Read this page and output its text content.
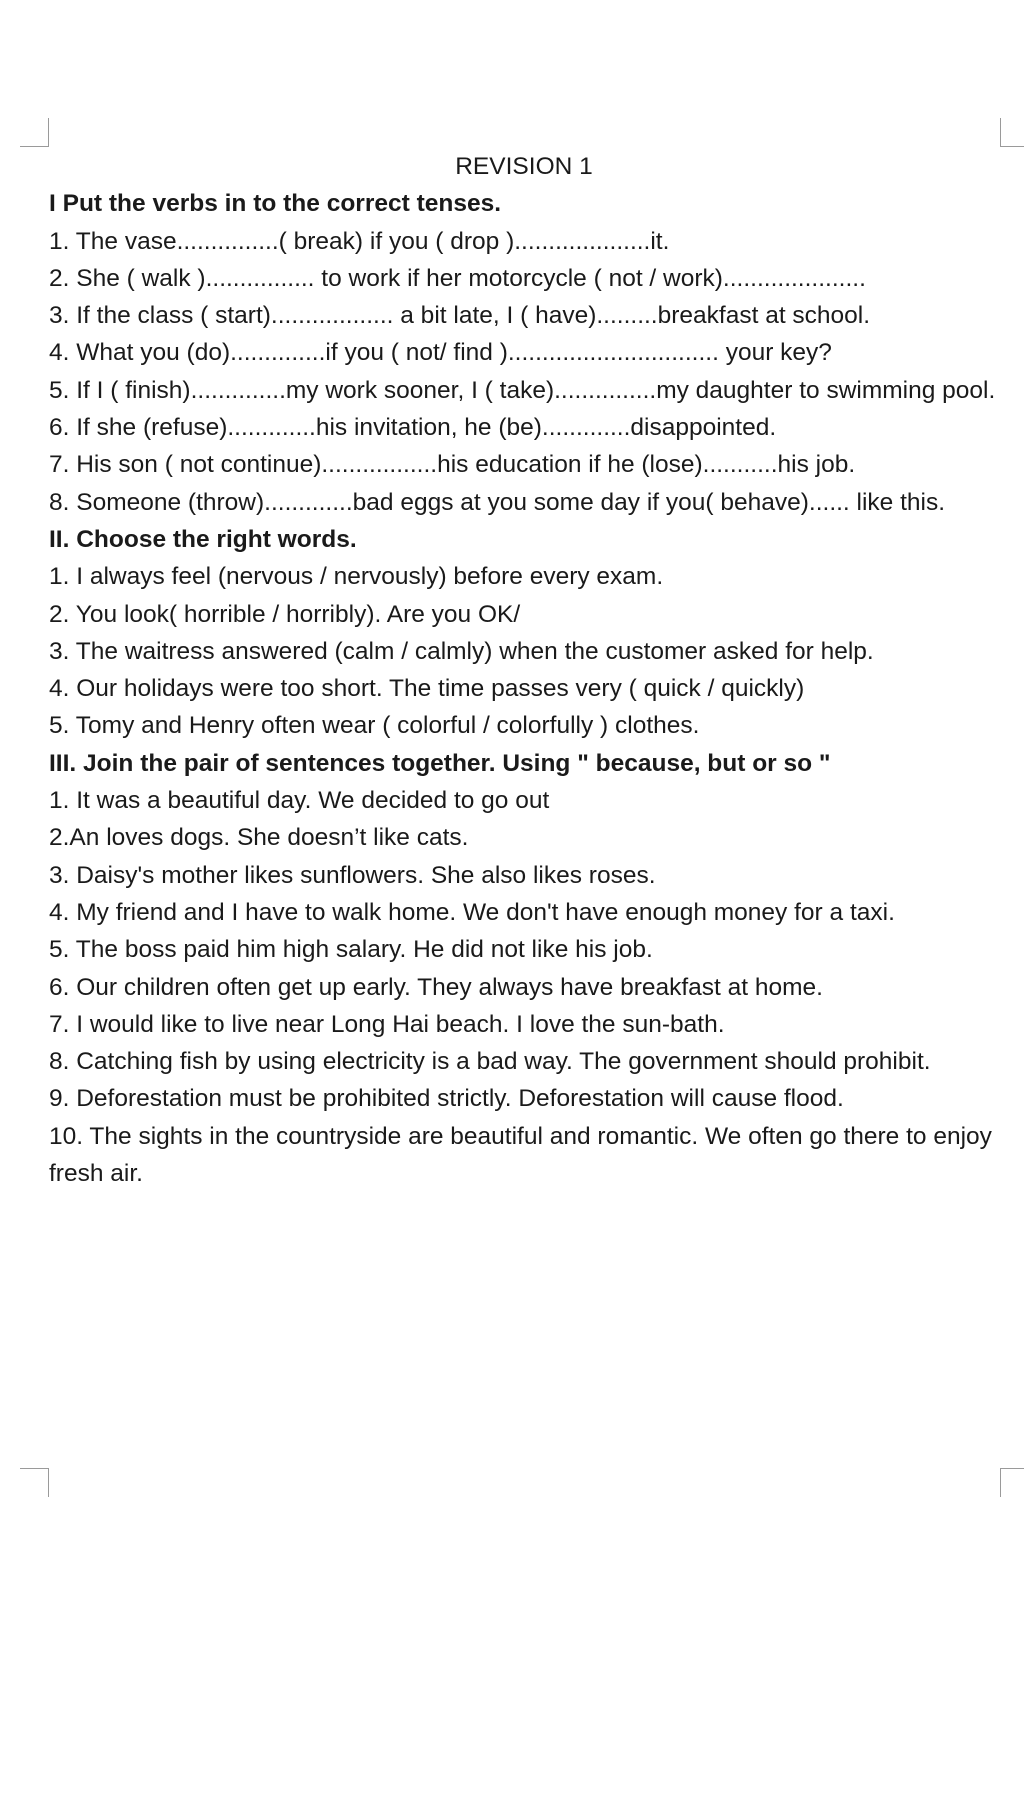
REVISION 1

I Put the verbs in to the correct tenses.

1. The vase...............( break) if you ( drop )....................it.

2. She ( walk )................ to work if her motorcycle ( not / work).....................

3. If the class ( start).................. a bit late, I ( have).........breakfast at school.

4. What you (do)..............if you ( not/ find )............................... your key?

5. If I ( finish)..............my work sooner, I ( take)...............my daughter to swimming pool.

6. If she (refuse).............his invitation, he (be).............disappointed.

7. His son ( not continue).................his education if he (lose)...........his job.

8. Someone (throw).............bad eggs at you some day if you( behave)...... like this.

II. Choose the right words.

1. I always feel (nervous / nervously) before every exam.

2. You look( horrible / horribly). Are you OK/

3. The waitress answered (calm / calmly) when the customer asked for help.

4. Our holidays were too short. The time passes very ( quick / quickly)

5. Tomy and Henry often wear ( colorful / colorfully ) clothes.

III. Join the pair of sentences together. Using " because, but or so "

1. It was a beautiful day. We decided to go out

2.An loves dogs. She doesn’t like cats.

3. Daisy's mother likes sunflowers. She also likes roses.

4. My friend and I have to walk home. We don't have enough money for a taxi.

5. The boss paid him high salary. He did not like his job.

6. Our children often get up early. They always have breakfast at home.

7. I would like to live near Long Hai beach. I love the sun-bath.

8. Catching fish by using electricity is a bad way. The government should prohibit.

9. Deforestation must be prohibited strictly. Deforestation will cause flood.

10. The sights in the countryside are beautiful and romantic. We often go there to enjoy fresh air.
